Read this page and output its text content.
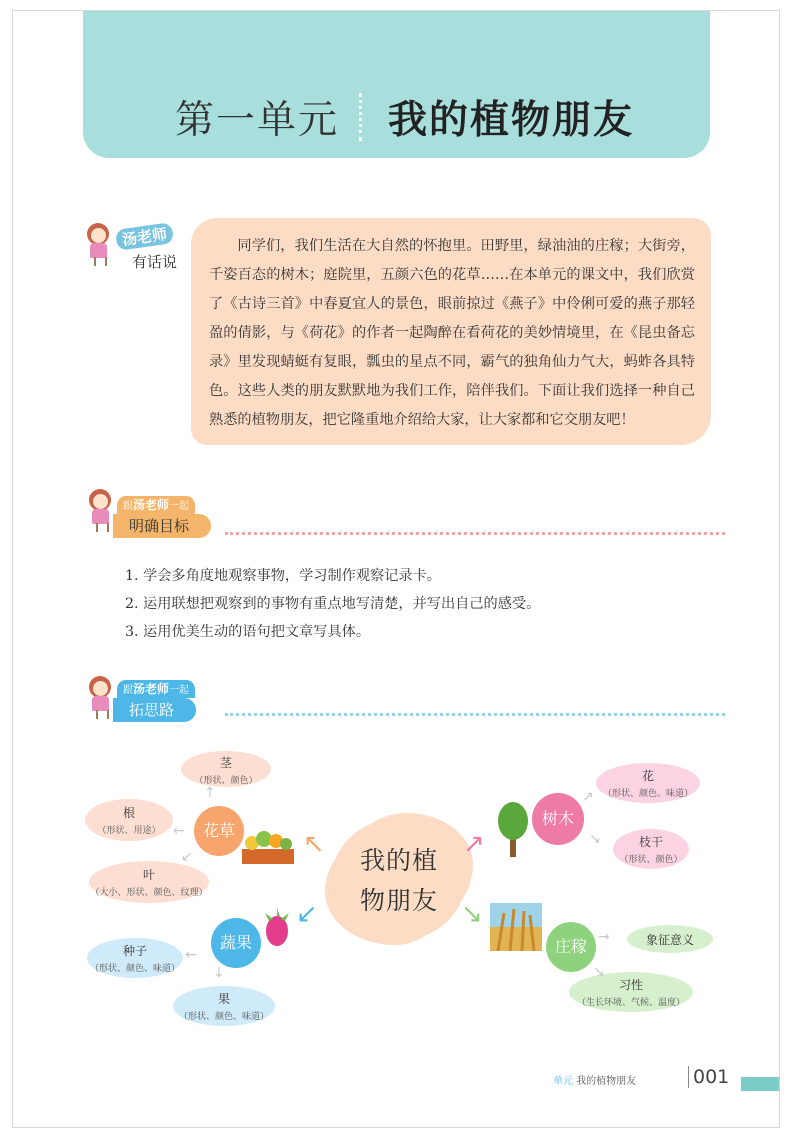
第一单元 我的植物朋友
汤老师
有话说

同学们，我们生活在大自然的怀抱里。田野里，绿油油的庄稼；大街旁，千姿百态的树木；庭院里，五颜六色的花草……在本单元的课文中，我们欣赏了《古诗三首》中春夏宜人的景色，眼前掠过《燕子》中伶俐可爱的燕子那轻盈的倩影，与《荷花》的作者一起陶醉在看荷花的美妙情境里，在《昆虫备忘录》里发现蜻蜓有复眼，瓢虫的星点不同，霸气的独角仙力气大，蚂蚱各具特色。这些人类的朋友默默地为我们工作，陪伴我们。下面让我们选择一种自己熟悉的植物朋友，把它隆重地介绍给大家，让大家都和它交朋友吧！

跟汤老师一起
明确目标
1. 学会多角度地观察事物，学习制作观察记录卡。
2. 运用联想把观察到的事物有重点地写清楚，并写出自己的感受。
3. 运用优美生动的语句把文章写具体。
跟汤老师一起
拓思路
我的植
物朋友
茎
（形状、颜色）
根
（形状、用途）
叶
（大小、形状、颜色、纹理）
花草
种子
（形状、颜色、味道）
果
（形状、颜色、味道）
蔬果
树木
花
（形状、颜色、味道）
枝干
（形状、颜色）
庄稼	象征意义
习性
（生长环境、气候、温度）
↑
←
↙
←
↓
↗
↘
→
↘
↖
↙
↗
↘
单元 我的植物朋友	001
